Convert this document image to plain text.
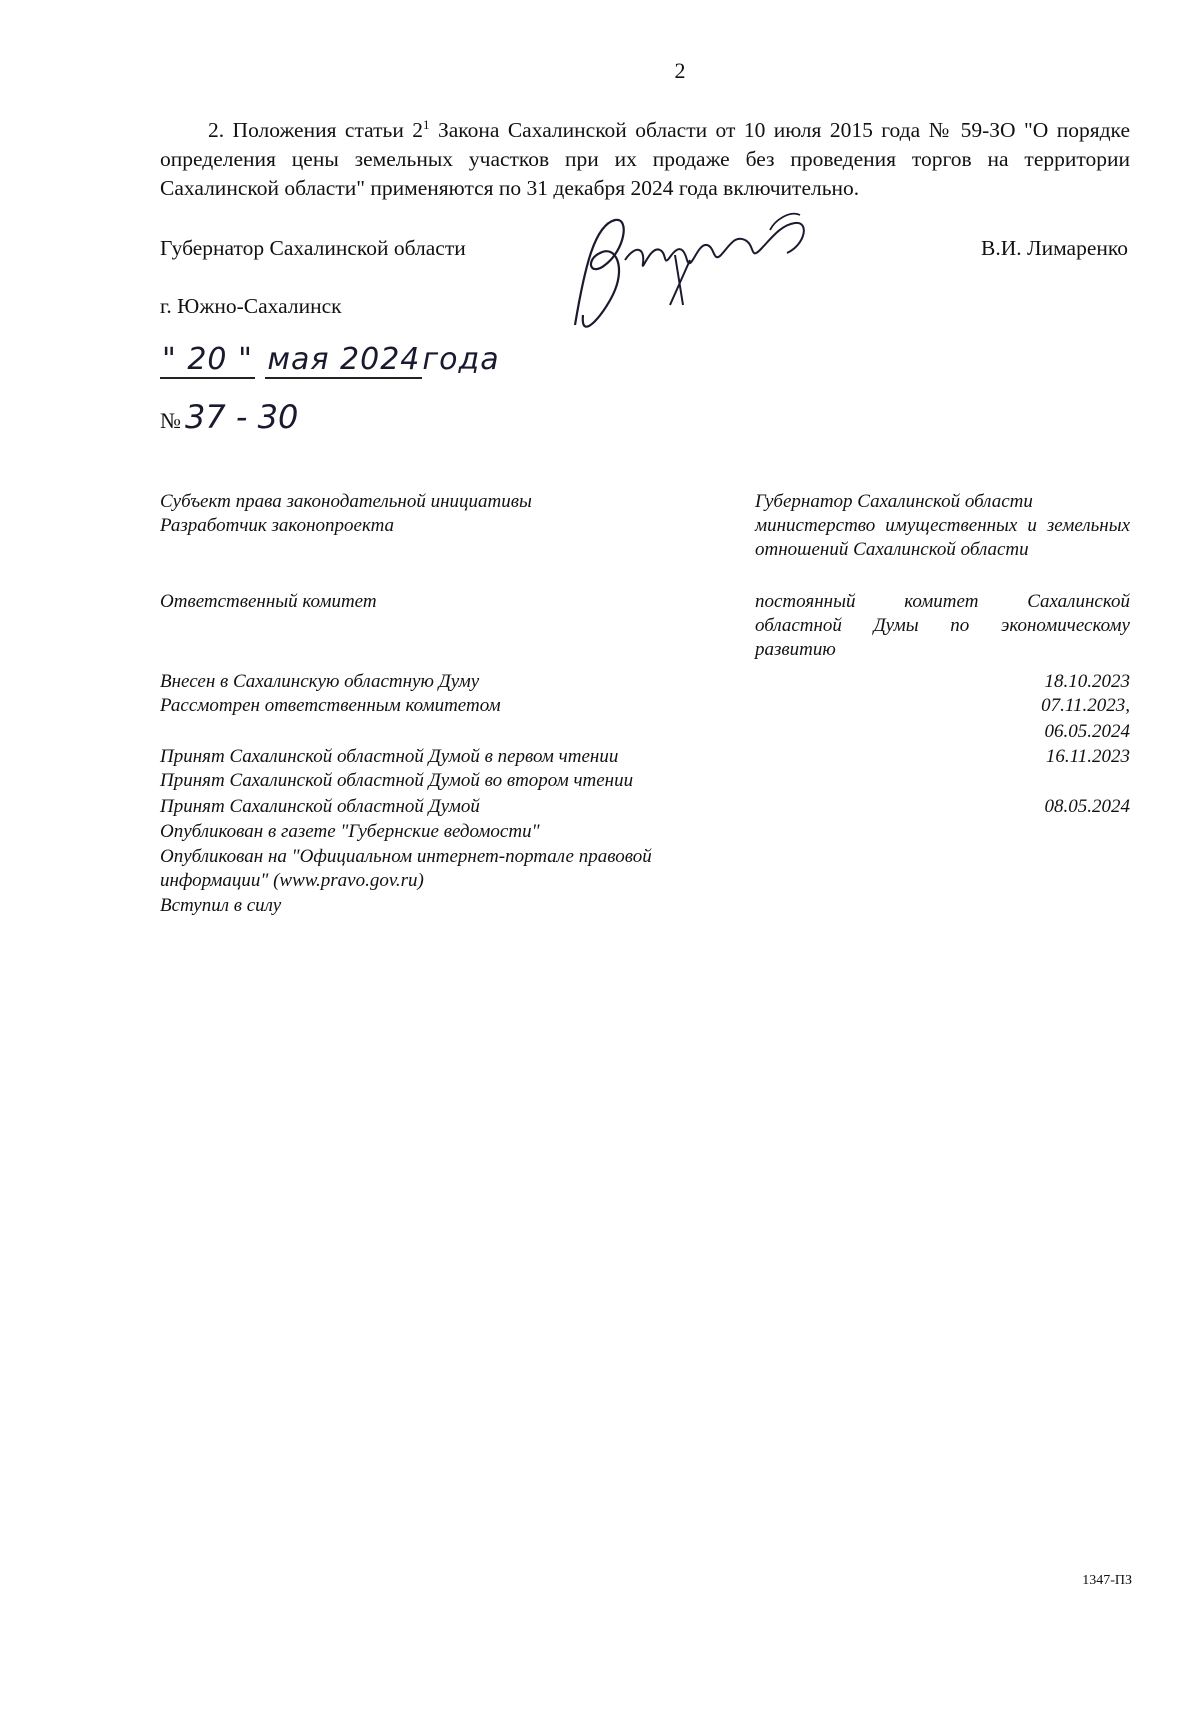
2

2. Положения статьи $2^1$ Закона Сахалинской области от 10 июля 2015 года № 59-ЗО "О порядке определения цены земельных участков при их продаже без проведения торгов на территории Сахалинской области" применяются по 31 декабря 2024 года включительно.

Губернатор Сахалинской области	В.И. Лимаренко
г. Южно-Сахалинск
" 20 " мая 2024года
№ 37 - 30
Субъект права законодательной инициативы
Разработчик законопроекта
Ответственный комитет
Внесен в Сахалинскую областную Думу
Рассмотрен ответственным комитетом
Принят Сахалинской областной Думой в первом чтении
Принят Сахалинской областной Думой во втором чтении
Принят Сахалинской областной Думой
Опубликован в газете "Губернские ведомости"
Опубликован на "Официальном интернет-портале правовой
информации" (www.pravo.gov.ru)
Вступил в силу
Губернатор Сахалинской области
министерство имущественных и земельных отношений Сахалинской области
постоянный комитет Сахалинской областной Думы по экономическому развитию
18.10.2023
07.11.2023,
06.05.2024
16.11.2023
08.05.2024
1347-ПЗ
